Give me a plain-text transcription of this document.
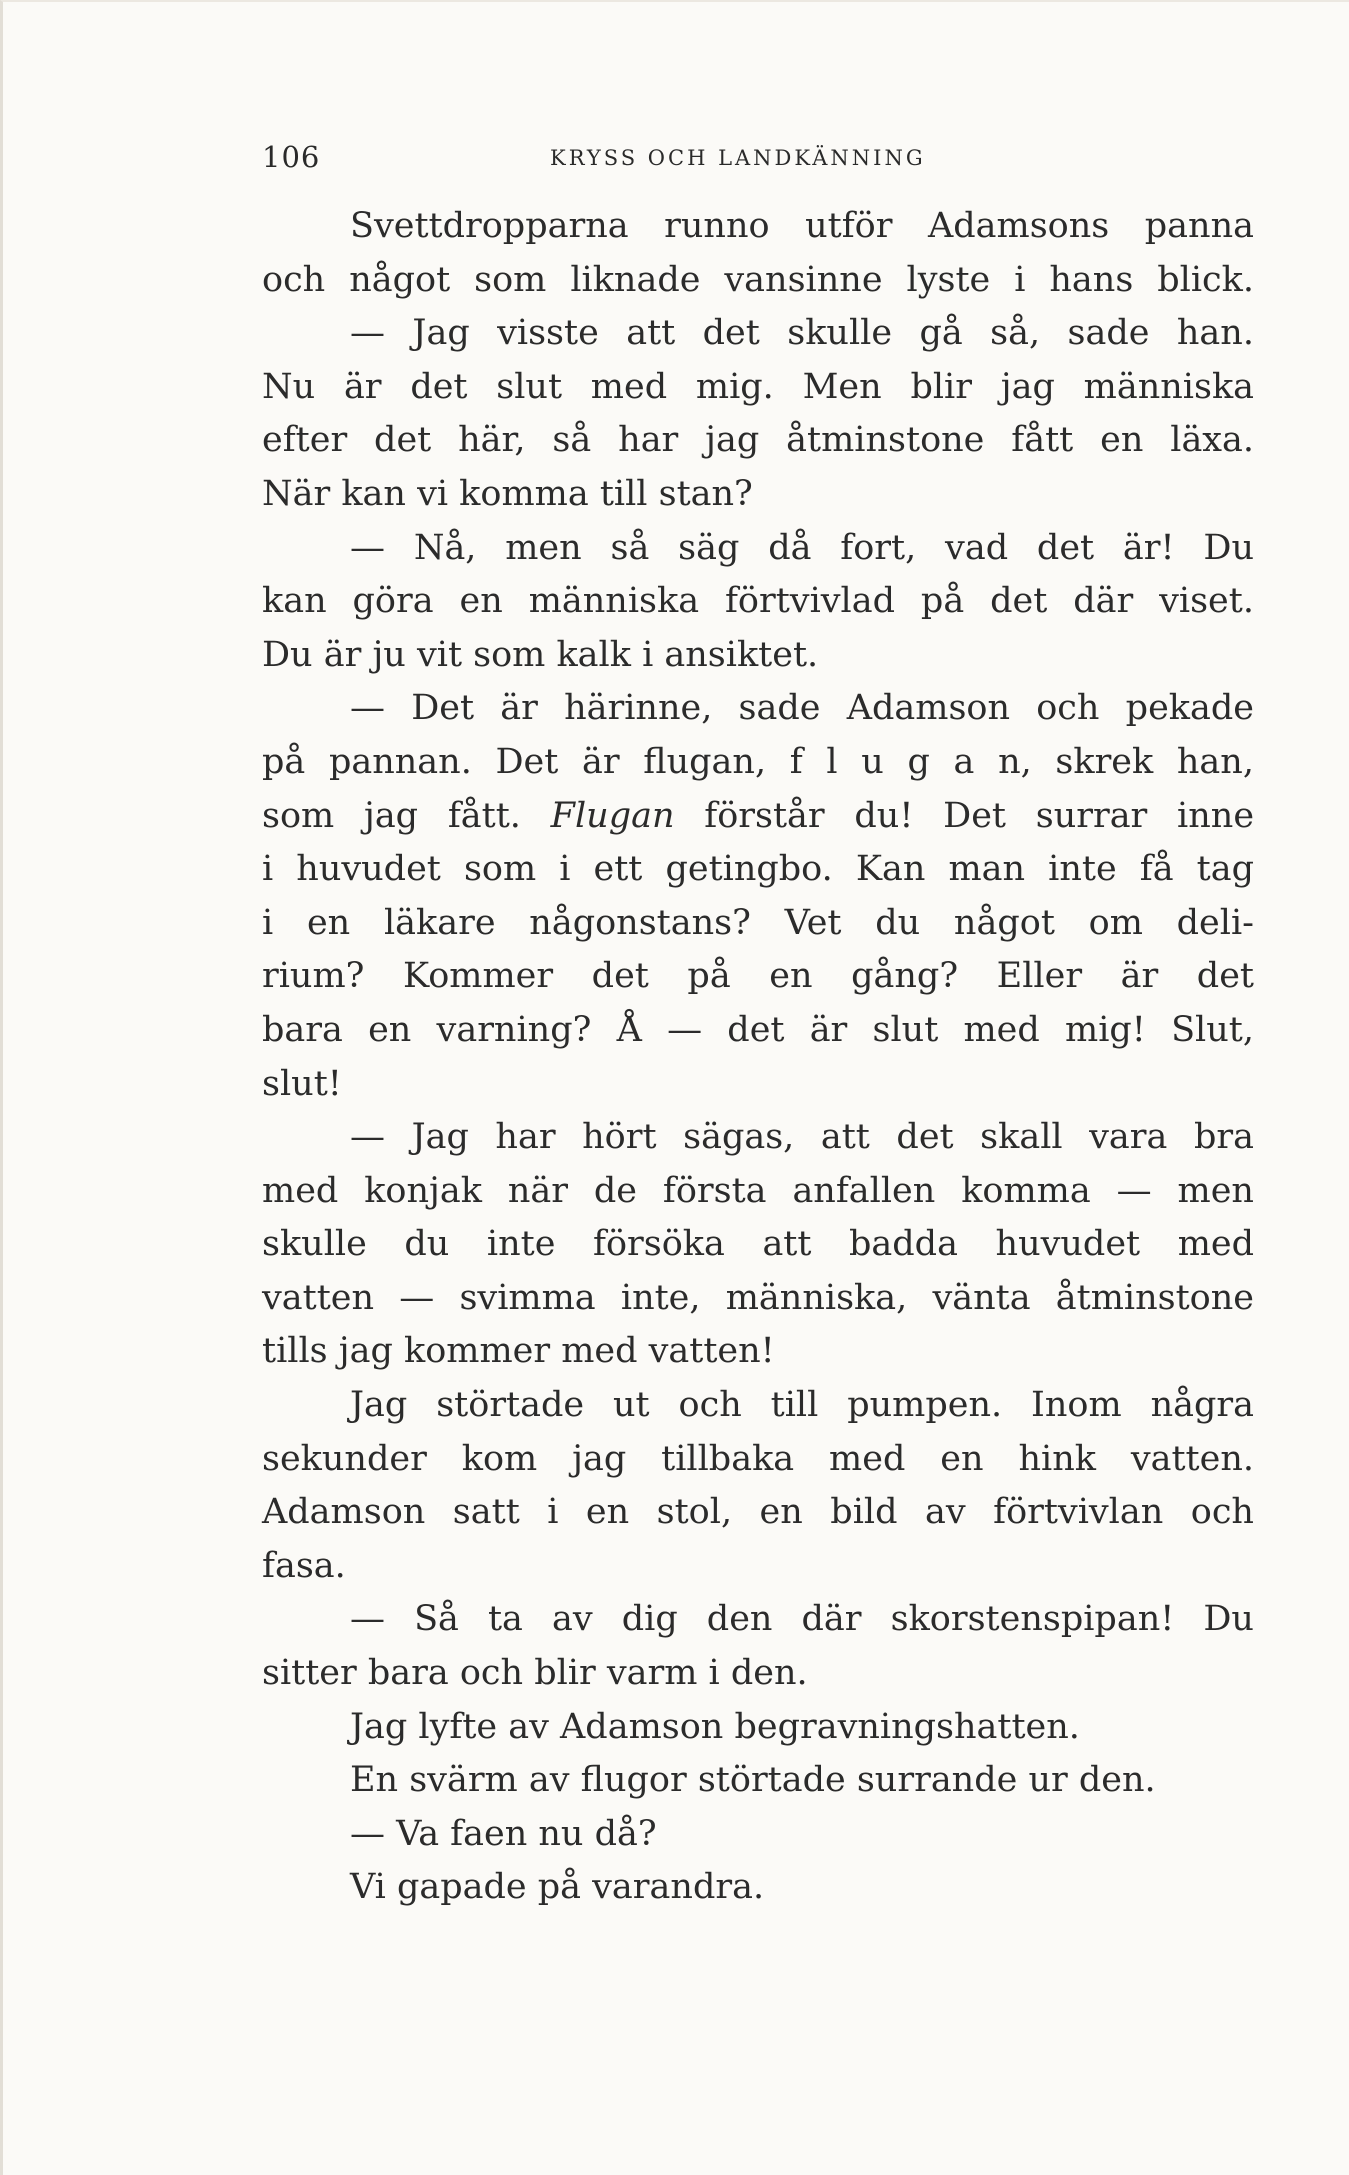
106	KRYSS OCH LANDKÄNNING
Svettdropparna runno utför Adamsons panna
och något som liknade vansinne lyste i hans blick.
— Jag visste att det skulle gå så, sade han.
Nu är det slut med mig. Men blir jag människa
efter det här, så har jag åtminstone fått en läxa.
När kan vi komma till stan?
— Nå, men så säg då fort, vad det är! Du
kan göra en människa förtvivlad på det där viset.
Du är ju vit som kalk i ansiktet.
— Det är härinne, sade Adamson och pekade
på pannan. Det är flugan, f l u g a n, skrek han,
som jag fått. Flugan förstår du! Det surrar inne
i huvudet som i ett getingbo. Kan man inte få tag
i en läkare någonstans? Vet du något om deli-
rium? Kommer det på en gång? Eller är det
bara en varning? Å — det är slut med mig! Slut,
slut!
— Jag har hört sägas, att det skall vara bra
med konjak när de första anfallen komma — men
skulle du inte försöka att badda huvudet med
vatten — svimma inte, människa, vänta åtminstone
tills jag kommer med vatten!
Jag störtade ut och till pumpen. Inom några
sekunder kom jag tillbaka med en hink vatten.
Adamson satt i en stol, en bild av förtvivlan och
fasa.
— Så ta av dig den där skorstenspipan! Du
sitter bara och blir varm i den.
Jag lyfte av Adamson begravningshatten.
En svärm av flugor störtade surrande ur den.
— Va faen nu då?
Vi gapade på varandra.
